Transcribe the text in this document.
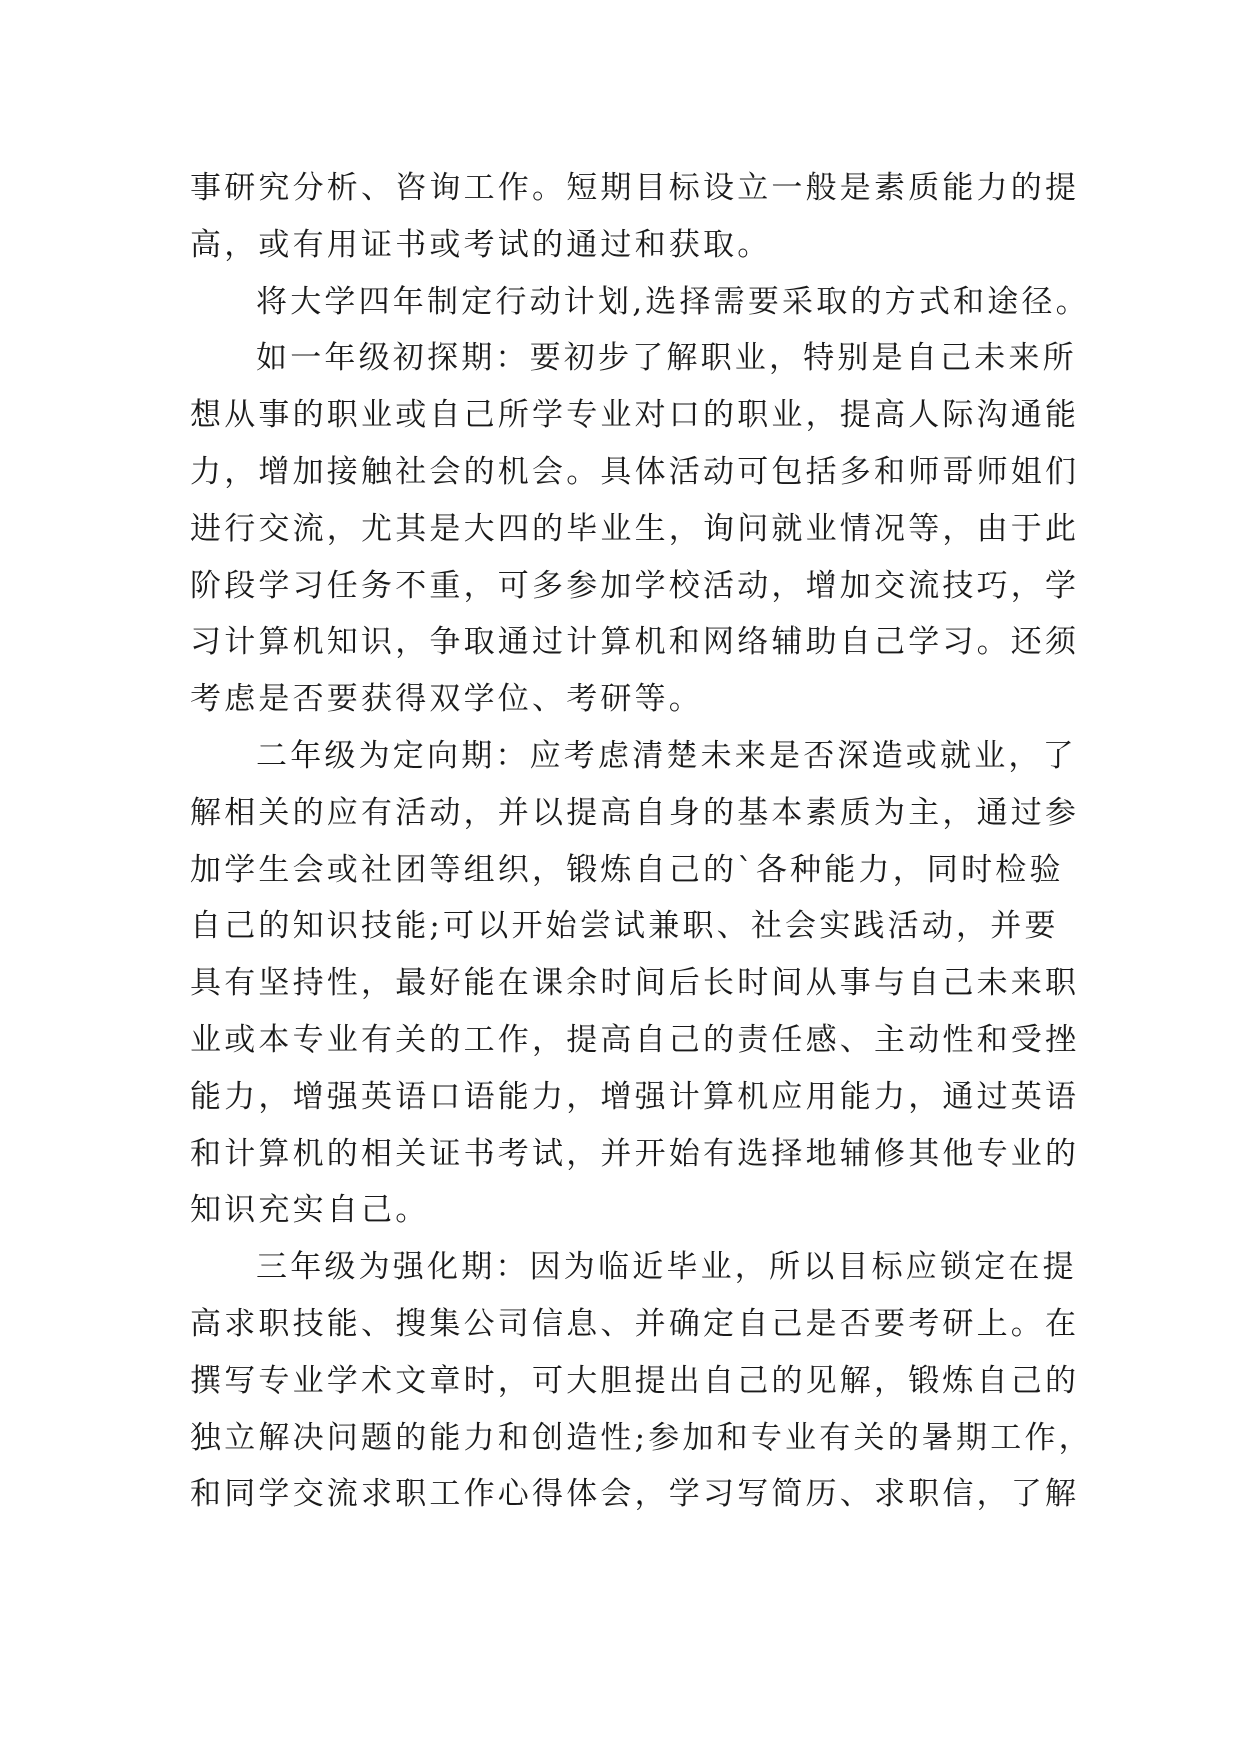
事研究分析、咨询工作。短期目标设立一般是素质能力的提
高，或有用证书或考试的通过和获取。
将大学四年制定行动计划,选择需要采取的方式和途径。
如一年级初探期：要初步了解职业，特别是自己未来所
想从事的职业或自己所学专业对口的职业，提高人际沟通能
力，增加接触社会的机会。具体活动可包括多和师哥师姐们
进行交流，尤其是大四的毕业生，询问就业情况等，由于此
阶段学习任务不重，可多参加学校活动，增加交流技巧，学
习计算机知识，争取通过计算机和网络辅助自己学习。还须
考虑是否要获得双学位、考研等。
二年级为定向期：应考虑清楚未来是否深造或就业，了
解相关的应有活动，并以提高自身的基本素质为主，通过参
加学生会或社团等组织，锻炼自己的`各种能力，同时检验
自己的知识技能;可以开始尝试兼职、社会实践活动，并要
具有坚持性，最好能在课余时间后长时间从事与自己未来职
业或本专业有关的工作，提高自己的责任感、主动性和受挫
能力，增强英语口语能力，增强计算机应用能力，通过英语
和计算机的相关证书考试，并开始有选择地辅修其他专业的
知识充实自己。
三年级为强化期：因为临近毕业，所以目标应锁定在提
高求职技能、搜集公司信息、并确定自己是否要考研上。在
撰写专业学术文章时，可大胆提出自己的见解，锻炼自己的
独立解决问题的能力和创造性;参加和专业有关的暑期工作，
和同学交流求职工作心得体会，学习写简历、求职信，了解
